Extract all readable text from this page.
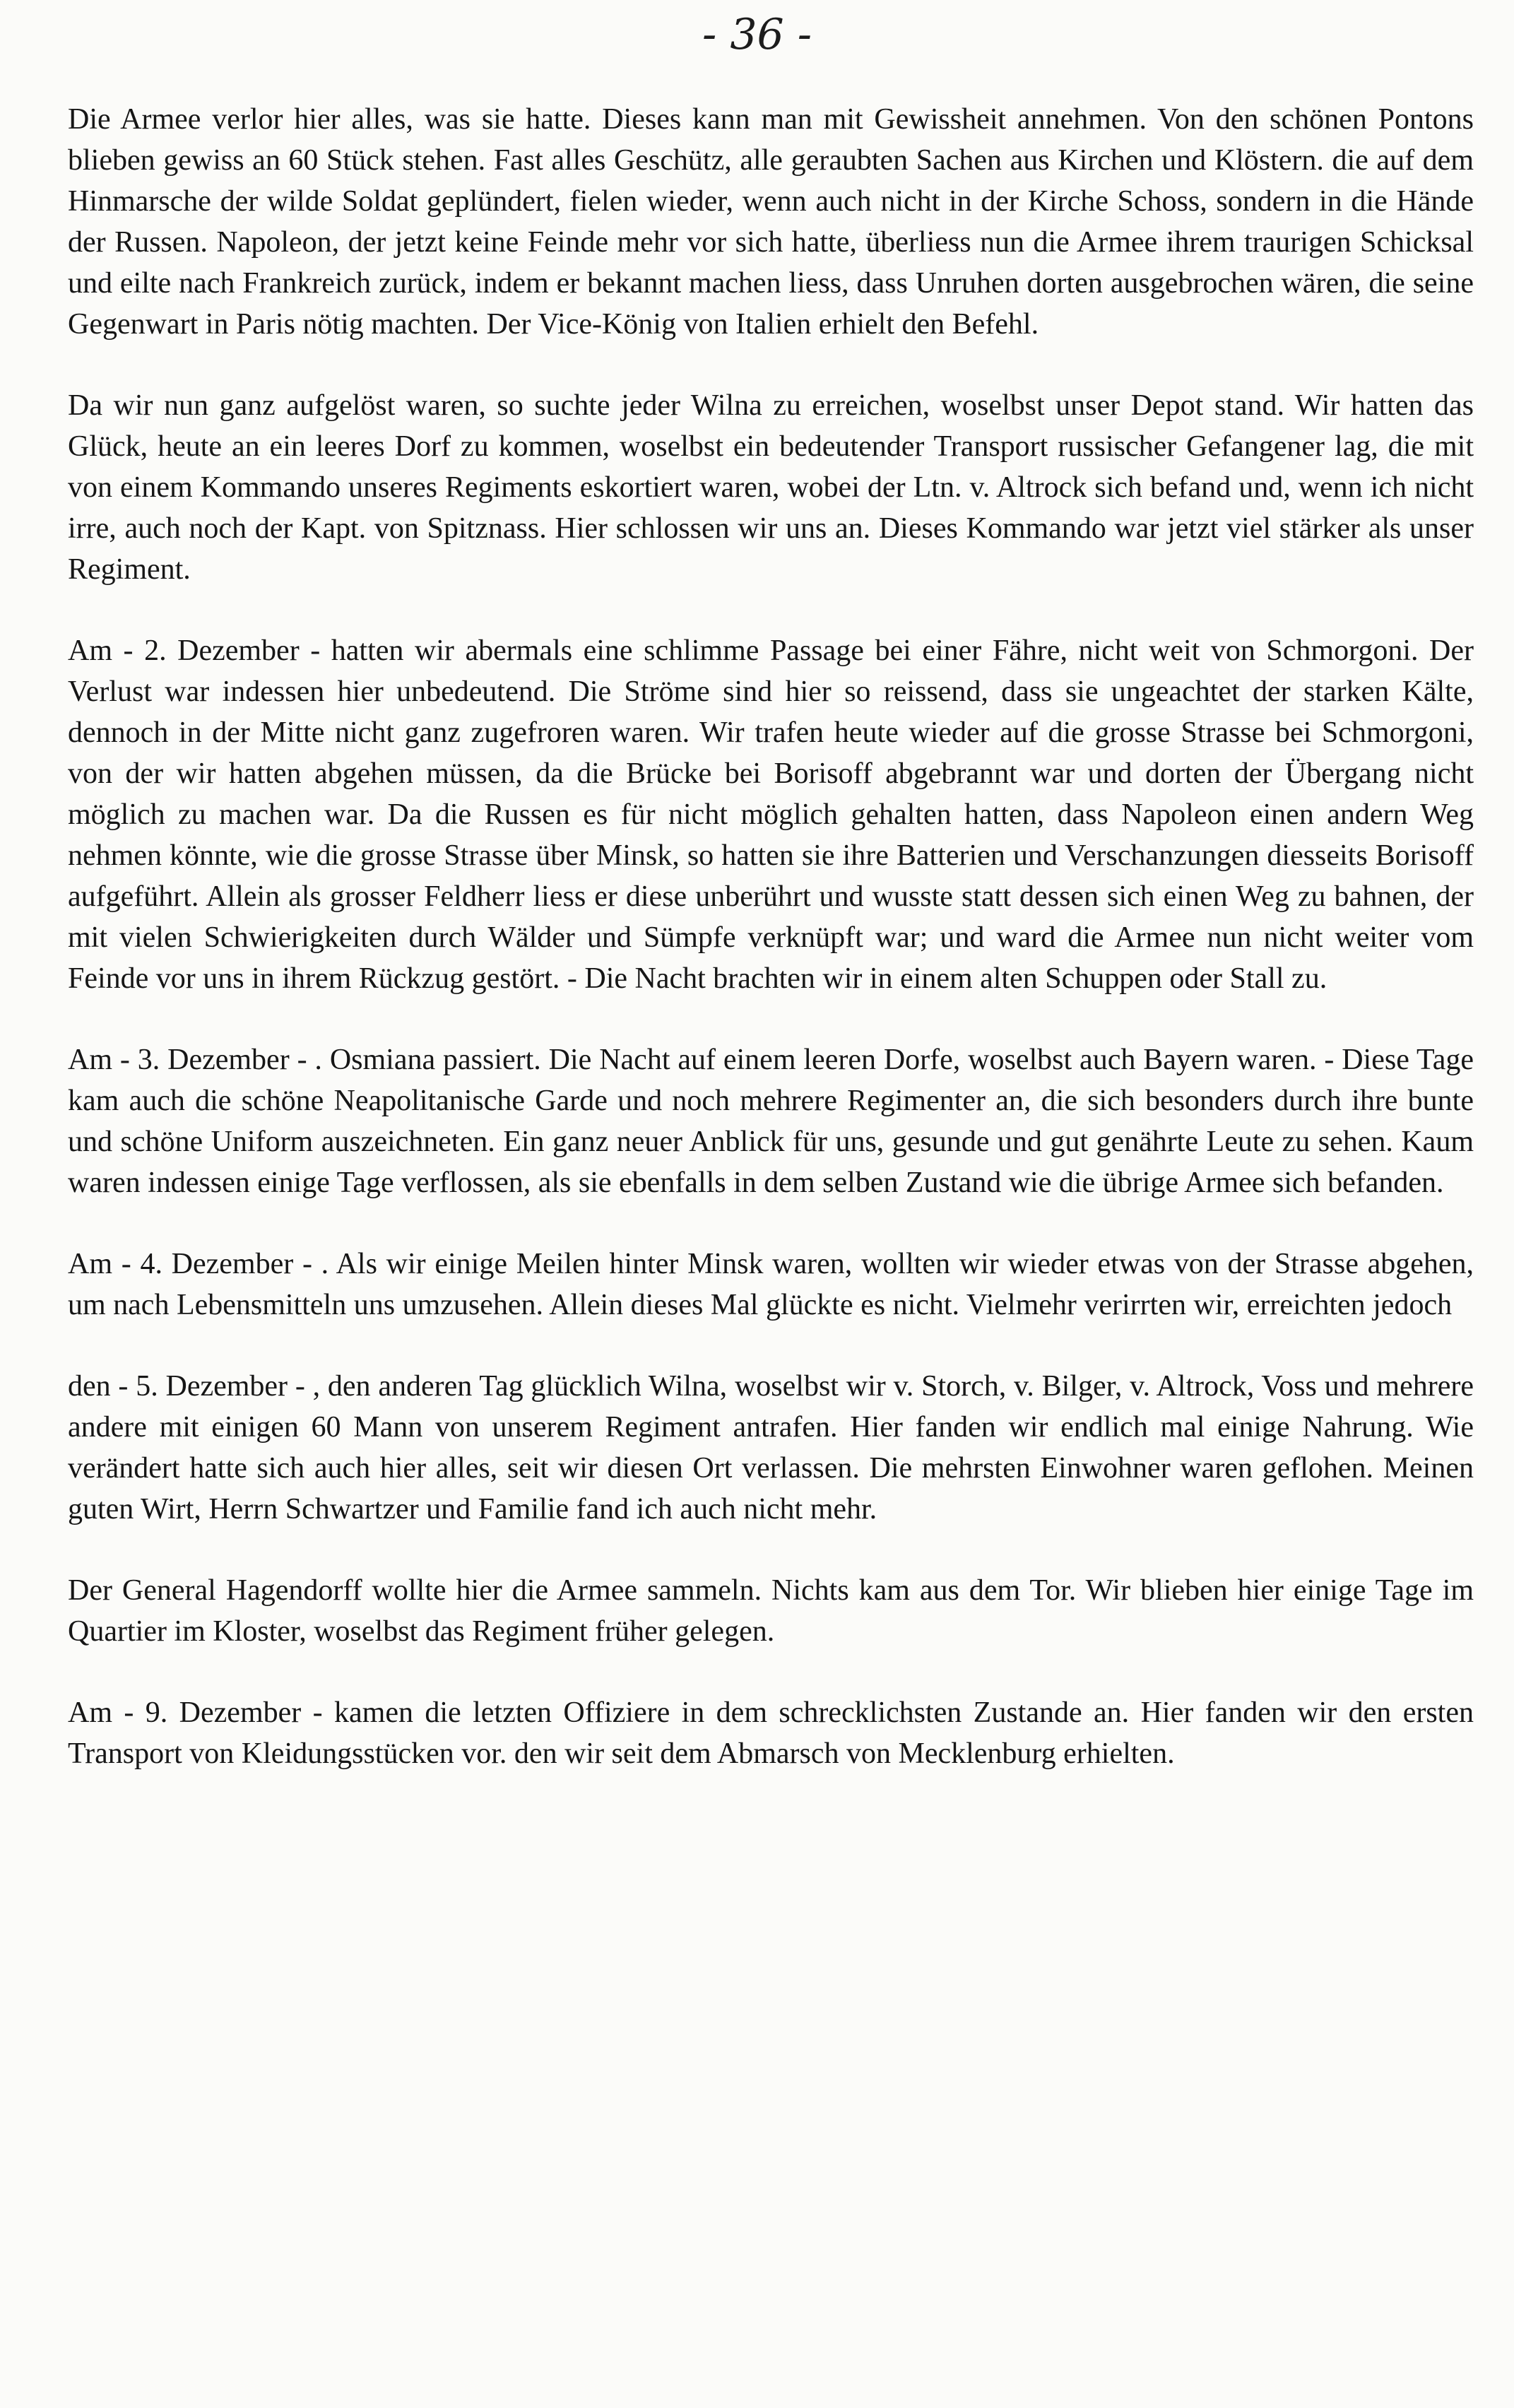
- 36 -

Die Armee verlor hier alles, was sie hatte. Dieses kann man mit Gewissheit annehmen. Von den schönen Pontons blieben gewiss an 60 Stück stehen. Fast alles Geschütz, alle geraubten Sachen aus Kirchen und Klöstern. die auf dem Hinmarsche der wilde Soldat geplündert, fielen wieder, wenn auch nicht in der Kirche Schoss, sondern in die Hände der Russen. Napoleon, der jetzt keine Feinde mehr vor sich hatte, überliess nun die Armee ihrem traurigen Schicksal und eilte nach Frankreich zurück, indem er bekannt machen liess, dass Unruhen dorten ausgebrochen wären, die seine Gegenwart in Paris nötig machten. Der Vice-König von Italien erhielt den Befehl.

Da wir nun ganz aufgelöst waren, so suchte jeder Wilna zu erreichen, woselbst unser Depot stand. Wir hatten das Glück, heute an ein leeres Dorf zu kommen, woselbst ein bedeutender Transport russischer Gefangener lag, die mit von einem Kommando unseres Regiments eskortiert waren, wobei der Ltn. v. Altrock sich befand und, wenn ich nicht irre, auch noch der Kapt. von Spitznass. Hier schlossen wir uns an. Dieses Kommando war jetzt viel stärker als unser Regiment.

Am - 2. Dezember - hatten wir abermals eine schlimme Passage bei einer Fähre, nicht weit von Schmorgoni. Der Verlust war indessen hier unbedeutend. Die Ströme sind hier so reissend, dass sie ungeachtet der starken Kälte, dennoch in der Mitte nicht ganz zugefroren waren. Wir trafen heute wieder auf die grosse Strasse bei Schmorgoni, von der wir hatten abgehen müssen, da die Brücke bei Borisoff abgebrannt war und dorten der Übergang nicht möglich zu machen war. Da die Russen es für nicht möglich gehalten hatten, dass Napoleon einen andern Weg nehmen könnte, wie die grosse Strasse über Minsk, so hatten sie ihre Batterien und Verschanzungen diesseits Borisoff aufgeführt. Allein als grosser Feldherr liess er diese unberührt und wusste statt dessen sich einen Weg zu bahnen, der mit vielen Schwierigkeiten durch Wälder und Sümpfe verknüpft war; und ward die Armee nun nicht weiter vom Feinde vor uns in ihrem Rückzug gestört. - Die Nacht brachten wir in einem alten Schuppen oder Stall zu.

Am - 3. Dezember - . Osmiana passiert. Die Nacht auf einem leeren Dorfe, woselbst auch Bayern waren. - Diese Tage kam auch die schöne Neapolitanische Garde und noch mehrere Regimenter an, die sich besonders durch ihre bunte und schöne Uniform auszeichneten. Ein ganz neuer Anblick für uns, gesunde und gut genährte Leute zu sehen. Kaum waren indessen einige Tage verflossen, als sie ebenfalls in dem selben Zustand wie die übrige Armee sich befanden.

Am - 4. Dezember - . Als wir einige Meilen hinter Minsk waren, wollten wir wieder etwas von der Strasse abgehen, um nach Lebensmitteln uns umzusehen. Allein dieses Mal glückte es nicht. Vielmehr verirrten wir, erreichten jedoch

den - 5. Dezember - , den anderen Tag glücklich Wilna, woselbst wir v. Storch, v. Bilger, v. Altrock, Voss und mehrere andere mit einigen 60 Mann von unserem Regiment antrafen. Hier fanden wir endlich mal einige Nahrung. Wie verändert hatte sich auch hier alles, seit wir diesen Ort verlassen. Die mehrsten Einwohner waren geflohen. Meinen guten Wirt, Herrn Schwartzer und Familie fand ich auch nicht mehr.

Der General Hagendorff wollte hier die Armee sammeln. Nichts kam aus dem Tor. Wir blieben hier einige Tage im Quartier im Kloster, woselbst das Regiment früher gelegen.

Am - 9. Dezember - kamen die letzten Offiziere in dem schrecklichsten Zustande an. Hier fanden wir den ersten Transport von Kleidungsstücken vor. den wir seit dem Abmarsch von Mecklenburg erhielten.
